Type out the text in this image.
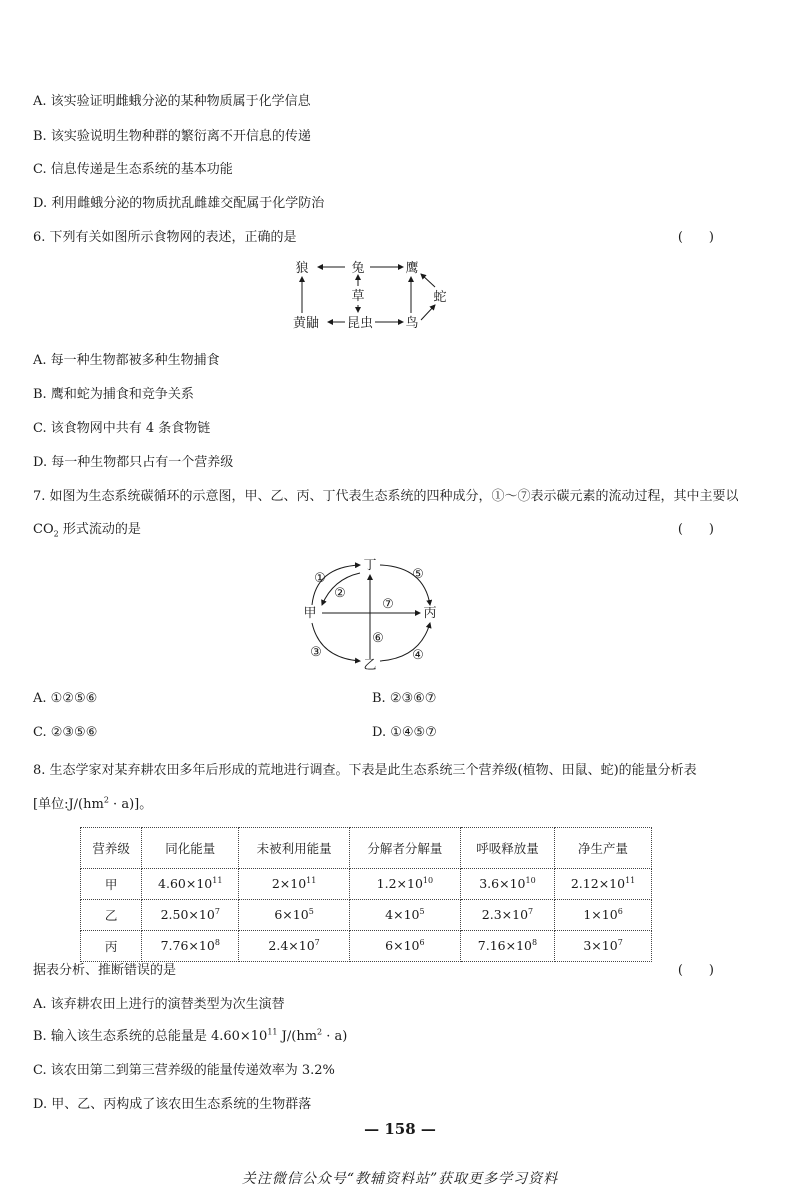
A. 该实验证明雌蛾分泌的某种物质属于化学信息
B. 该实验说明生物种群的繁衍离不开信息的传递
C. 信息传递是生态系统的基本功能
D. 利用雌蛾分泌的物质扰乱雌雄交配属于化学防治
6. 下列有关如图所示食物网的表述，正确的是	(　　)
狼	兔	鹰
草	蛇
黄鼬 昆虫 鸟
A. 每一种生物都被多种生物捕食
B. 鹰和蛇为捕食和竞争关系
C. 该食物网中共有 4 条食物链
D. 每一种生物都只占有一个营养级
7. 如图为生态系统碳循环的示意图，甲、乙、丙、丁代表生态系统的四种成分，①～⑦表示碳元素的流动过程，其中主要以
$CO_2$ 形式流动的是	(　　)
丁
甲	丙
乙
①
②
③	④
⑤
⑥
⑦
A. ①②⑤⑥	B. ②③⑥⑦
C. ②③⑤⑥	D. ①④⑤⑦
8. 生态学家对某弃耕农田多年后形成的荒地进行调查。下表是此生态系统三个营养级(植物、田鼠、蛇)的能量分析表
[单位$:J/(hm^2 \cdot a)$]。
营养级	同化能量	未被利用能量	分解者分解量	呼吸释放量	净生产量
甲	$4.60\times 10^{11}$	$2\times 10^{11}$	$1.2\times 10^{10}$	$3.6\times 10^{10}$	$2.12\times 10^{11}$
乙	$2.50\times 10^7$	$6\times 10^5$	$4\times 10^5$	$2.3\times 10^7$	$1\times 10^6$
丙	$7.76\times 10^8$	$2.4\times 10^7$	$6\times 10^6$	$7.16\times 10^8$	$3\times 10^7$
据表分析、推断错误的是	(　　)
A. 该弃耕农田上进行的演替类型为次生演替
B. 输入该生态系统的总能量是 $4.60\times 10^{11}$ $J/(hm^2 \cdot a)$
C. 该农田第二到第三营养级的能量传递效率为 3.2%
D. 甲、乙、丙构成了该农田生态系统的生物群落
— 158 —
关注微信公众号“教辅资料站”获取更多学习资料
